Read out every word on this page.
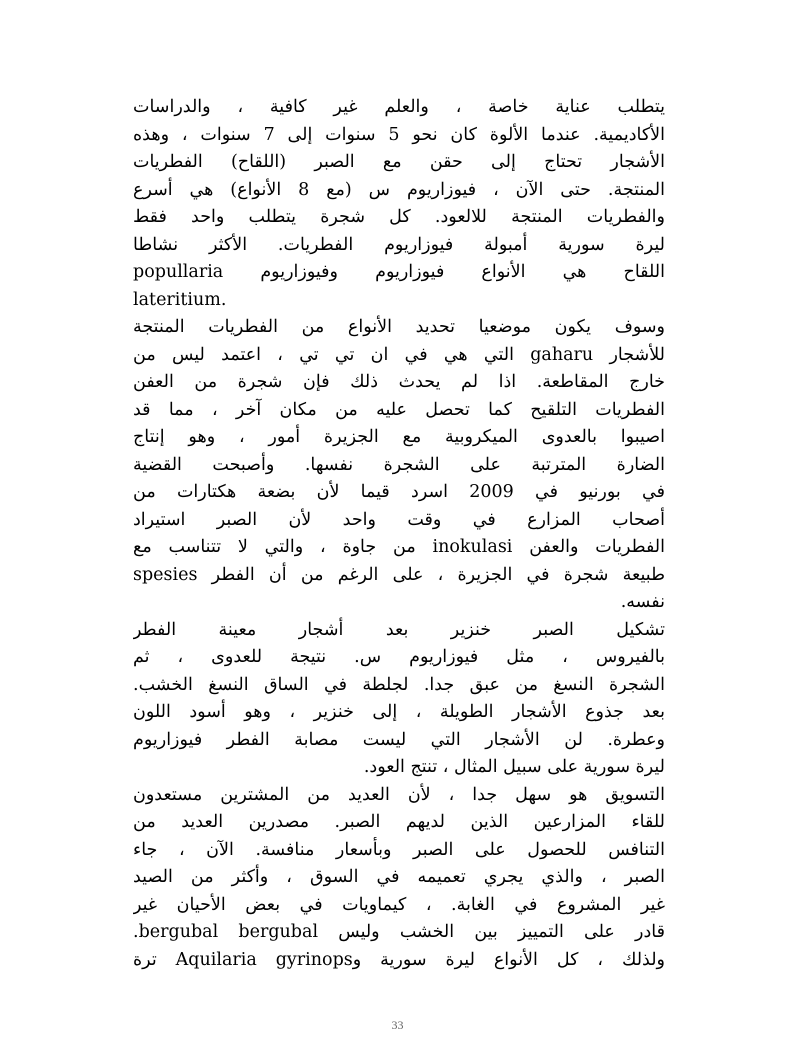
يتطلب عناية خاصة ، والعلم غير كافية ، والدراسات
الأكاديمية. عندما الألوة كان نحو 5 سنوات إلى 7 سنوات ، وهذه
الأشجار تحتاج إلى حقن مع الصبر (اللقاح) الفطريات
المنتجة. حتى الآن ، فيوزاريوم س (مع 8 الأنواع) هي أسرع
والفطريات المنتجة للالعود. كل شجرة يتطلب واحد فقط
ليرة سورية أمبولة فيوزاريوم الفطريات. الأكثر نشاطا
اللقاح هي الأنواع فيوزاريوم وفيوزاريوم popullaria
lateritium.
وسوف يكون موضعيا تحديد الأنواع من الفطريات المنتجة
للأشجار gaharu التي هي في ان تي تي ، اعتمد ليس من
خارج المقاطعة. اذا لم يحدث ذلك فإن شجرة من العفن
الفطريات التلقيح كما تحصل عليه من مكان آخر ، مما قد
اصيبوا بالعدوى الميكروبية مع الجزيرة أمور ، وهو إنتاج
الضارة المترتبة على الشجرة نفسها. وأصبحت القضية
في بورنيو في 2009 اسرد قيما لأن بضعة هكتارات من
أصحاب المزارع في وقت واحد لأن الصبر استيراد
الفطريات والعفن inokulasi من جاوة ، والتي لا تتناسب مع
طبيعة شجرة في الجزيرة ، على الرغم من أن الفطر spesies
نفسه.
تشكيل الصبر خنزير بعد أشجار معينة الفطر
بالفيروس ، مثل فيوزاريوم س. نتيجة للعدوى ، ثم
الشجرة النسغ من عبق جدا. لجلطة في الساق النسغ الخشب.
بعد جذوع الأشجار الطويلة ، إلى خنزير ، وهو أسود اللون
وعطرة. لن الأشجار التي ليست مصابة الفطر فيوزاريوم
ليرة سورية على سبيل المثال ، تنتج العود.
التسويق هو سهل جدا ، لأن العديد من المشترين مستعدون
للقاء المزارعين الذين لديهم الصبر. مصدرين العديد من
التنافس للحصول على الصبر وبأسعار منافسة. الآن ، جاء
الصبر ، والذي يجري تعميمه في السوق ، وأكثر من الصيد
غير المشروع في الغابة. ، كيماويات في بعض الأحيان غير
قادر على التمييز بين الخشب وليس bergubal bergubal.
ولذلك ، كل الأنواع ليرة سورية وAquilaria gyrinops ترة
33
